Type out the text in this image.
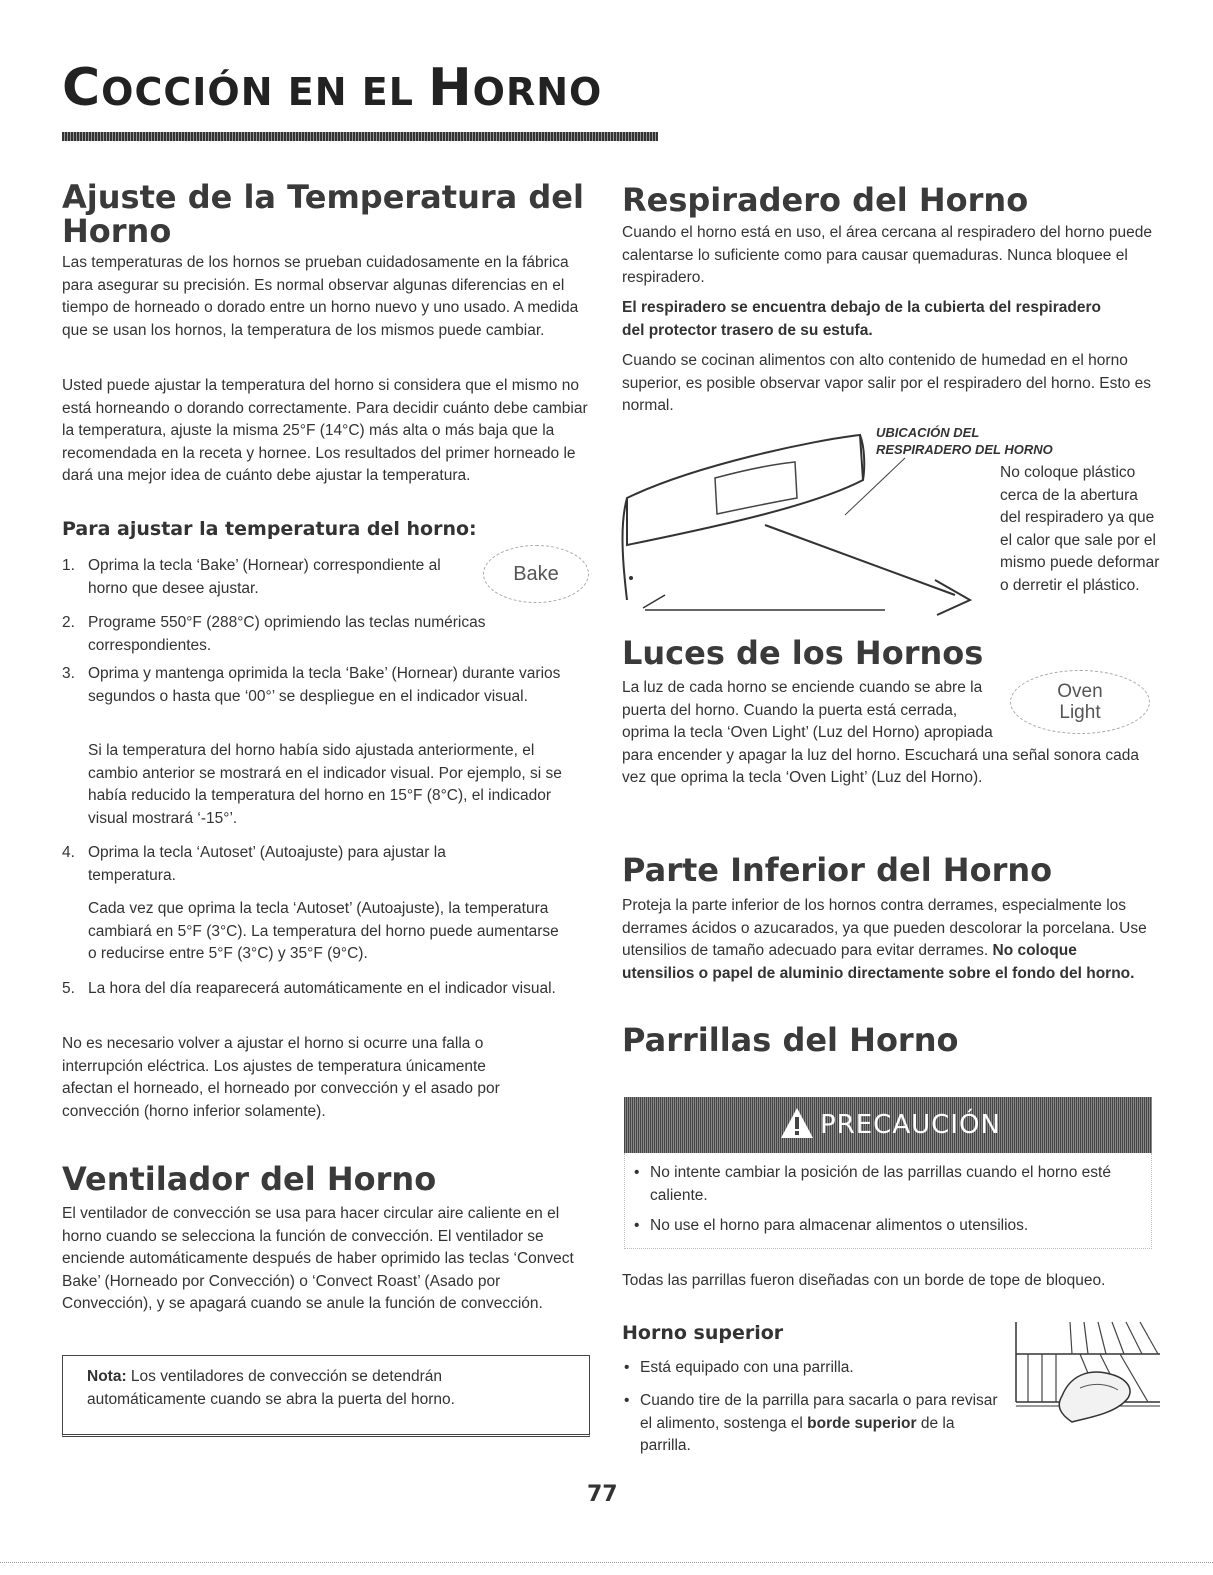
COCCIÓN EN EL HORNO
Ajuste de la Temperatura del
Horno

Las temperaturas de los hornos se prueban cuidadosamente en la fábrica para asegurar su precisión. Es normal observar algunas diferencias en el tiempo de horneado o dorado entre un horno nuevo y uno usado. A medida que se usan los hornos, la temperatura de los mismos puede cambiar.

Usted puede ajustar la temperatura del horno si considera que el mismo no está horneando o dorando correctamente. Para decidir cuánto debe cambiar la temperatura, ajuste la misma 25°F (14°C) más alta o más baja que la recomendada en la receta y hornee. Los resultados del primer horneado le dará una mejor idea de cuánto debe ajustar la temperatura.

Para ajustar la temperatura del horno:
Bake
1. Oprima la tecla ‘Bake’ (Hornear) correspondiente al horno que desee ajustar.
2. Programe 550°F (288°C) oprimiendo las teclas numéricas correspondientes.
3. Oprima y mantenga oprimida la tecla ‘Bake’ (Hornear) durante varios segundos o hasta que ‘00°’ se despliegue en el indicador visual.
Si la temperatura del horno había sido ajustada anteriormente, el cambio anterior se mostrará en el indicador visual. Por ejemplo, si se había reducido la temperatura del horno en 15°F (8°C), el indicador visual mostrará ‘-15°’.
4. Oprima la tecla ‘Autoset’ (Autoajuste) para ajustar la temperatura.
Cada vez que oprima la tecla ‘Autoset’ (Autoajuste), la temperatura cambiará en 5°F (3°C). La temperatura del horno puede aumentarse o reducirse entre 5°F (3°C) y 35°F (9°C).
5. La hora del día reaparecerá automáticamente en el indicador visual.

No es necesario volver a ajustar el horno si ocurre una falla o interrupción eléctrica. Los ajustes de temperatura únicamente afectan el horneado, el horneado por convección y el asado por convección (horno inferior solamente).

Ventilador del Horno

El ventilador de convección se usa para hacer circular aire caliente en el horno cuando se selecciona la función de convección. El ventilador se enciende automáticamente después de haber oprimido las teclas ‘Convect Bake’ (Horneado por Convección) o ‘Convect Roast’ (Asado por Convección), y se apagará cuando se anule la función de convección.

Nota: Los ventiladores de convección se detendrán automáticamente cuando se abra la puerta del horno.

Respiradero del Horno

Cuando el horno está en uso, el área cercana al respiradero del horno puede calentarse lo suficiente como para causar quemaduras. Nunca bloquee el respiradero.

El respiradero se encuentra debajo de la cubierta del respiradero del protector trasero de su estufa.

Cuando se cocinan alimentos con alto contenido de humedad en el horno superior, es posible observar vapor salir por el respiradero del horno. Esto es normal.

UBICACIÓN DEL
RESPIRADERO DEL HORNO

No coloque plástico cerca de la abertura del respiradero ya que el calor que sale por el mismo puede deformar o derretir el plástico.

Luces de los Hornos
Oven
Light

La luz de cada horno se enciende cuando se abre la puerta del horno. Cuando la puerta está cerrada, oprima la tecla ‘Oven Light’ (Luz del Horno) apropiada para encender y apagar la luz del horno. Escuchará una señal sonora cada vez que oprima la tecla ‘Oven Light’ (Luz del Horno).

Parte Inferior del Horno

Proteja la parte inferior de los hornos contra derrames, especialmente los derrames ácidos o azucarados, ya que pueden descolorar la porcelana. Use utensilios de tamaño adecuado para evitar derrames. No coloque utensilios o papel de aluminio directamente sobre el fondo del horno.

Parrillas del Horno
PRECAUCIÓN
• No intente cambiar la posición de las parrillas cuando el horno esté caliente.
• No use el horno para almacenar alimentos o utensilios.

Todas las parrillas fueron diseñadas con un borde de tope de bloqueo.

Horno superior
• Está equipado con una parrilla.
• Cuando tire de la parrilla para sacarla o para revisar el alimento, sostenga el borde superior de la parrilla.
77
